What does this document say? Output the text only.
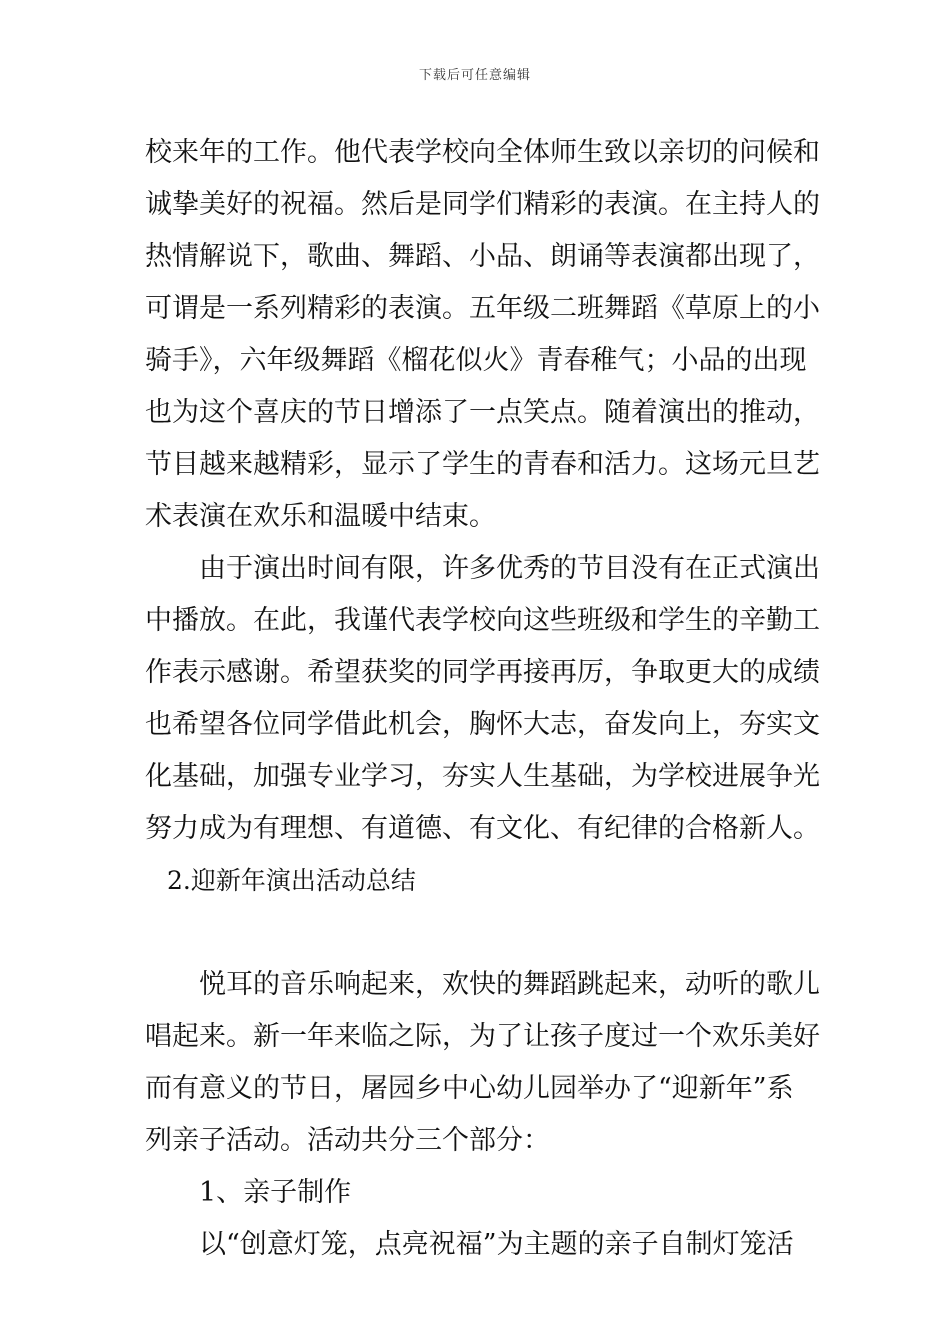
下载后可任意编辑
校来年的工作。他代表学校向全体师生致以亲切的问候和
诚挚美好的祝福。然后是同学们精彩的表演。在主持人的
热情解说下，歌曲、舞蹈、小品、朗诵等表演都出现了，
可谓是一系列精彩的表演。五年级二班舞蹈《草原上的小
骑手》，六年级舞蹈《榴花似火》青春稚气；小品的出现
也为这个喜庆的节日增添了一点笑点。随着演出的推动，
节目越来越精彩，显示了学生的青春和活力。这场元旦艺
术表演在欢乐和温暖中结束。
由于演出时间有限，许多优秀的节目没有在正式演出
中播放。在此，我谨代表学校向这些班级和学生的辛勤工
作表示感谢。希望获奖的同学再接再厉，争取更大的成绩
也希望各位同学借此机会，胸怀大志，奋发向上，夯实文
化基础，加强专业学习，夯实人生基础，为学校进展争光
努力成为有理想、有道德、有文化、有纪律的合格新人。
2.迎新年演出活动总结
悦耳的音乐响起来，欢快的舞蹈跳起来，动听的歌儿
唱起来。新一年来临之际，为了让孩子度过一个欢乐美好
而有意义的节日，屠园乡中心幼儿园举办了“迎新年”系
列亲子活动。活动共分三个部分：
1、亲子制作
以“创意灯笼，点亮祝福”为主题的亲子自制灯笼活
